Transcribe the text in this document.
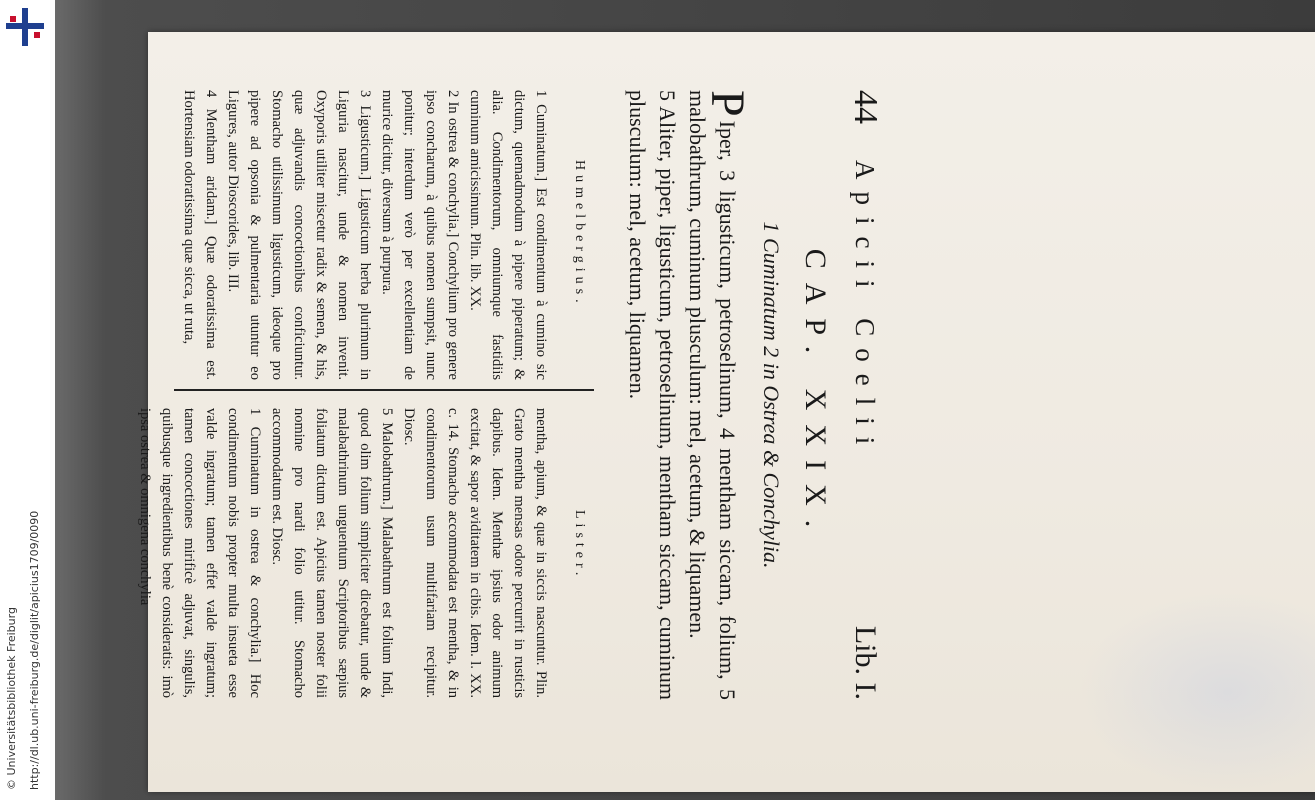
http://dl.ub.uni-freiburg.de/diglit/apicius1709/0090
© Universitätsbibliothek Freiburg
44
Apicii Coelii
Lib. I.
CAP. XXIX.
1 Cuminatum 2 in Ostrea & Conchylia.

P
Iper, 3 ligusticum, petroselinum, 4 mentham siccam, folium, 5 malobathrum, cuminum plusculum: mel, acetum, & liquamen.

5 Aliter, piper, ligusticum, petroselinum, mentham siccam, cuminum plusculum: mel, acetum, liquamen.

Humelbergius.
Lister.

1 Cuminatum.] Est condimentum à cumino sic dictum, quemadmodum à pipere piperatum; & alia. Condimentorum, omniumque fastidiis cuminum amicissimum. Plin. lib. XX.

2 In ostrea & conchylia.] Conchylium pro genere ipso concharum, à quibus nomen sumpsit, nunc ponitur; interdum verò per excellentiam de murice dicitur, diversum à purpura.

3 Ligusticum.] Ligusticum herba plurimum in Liguria nascitur, unde & nomen invenit. Oxyporis utiliter miscetur radix & semen, & his, quæ adjuvandis concoctionibus conficiuntur. Stomacho utilissimum ligusticum, ideoque pro pipere ad opsonia & pulmentaria utuntur eo Ligures, autor Dioscorides, lib. III.

4 Mentham aridam.] Quæ odoratissima est. Hortensiam odoratissima quæ sicca, ut ruta,

mentha, apium, & quæ in siccis nascuntur. Plin. Grato mentha mensas odore percurrit in rusticis dapibus. Idem. Menthæ ipsius odor animum excitat, & sapor aviditatem in cibis. Idem. l. XX. c. 14. Stomacho accommodata est mentha, & in condimentorum usum multifariam recipitur. Diosc.

5 Malobathrum.] Malabathrum est folium Indi, quod olim folium simpliciter dicebatur, unde & malabathrinum unguentum Scriptoribus sæpius foliatum dictum est. Apicius tamen noster folii nomine pro nardi folio utitur. Stomacho accommodatum est. Diosc.

1 Cuminatum in ostrea & conchylia.] Hoc condimentum nobis propter multa insueta esse valde ingratum; tamen effet valde ingratum; tamen concoctiones mirificè adjuvat, singulis, quibusque ingredientibus benè consideratis: imò ipsa ostrea & omnigena conchylia
